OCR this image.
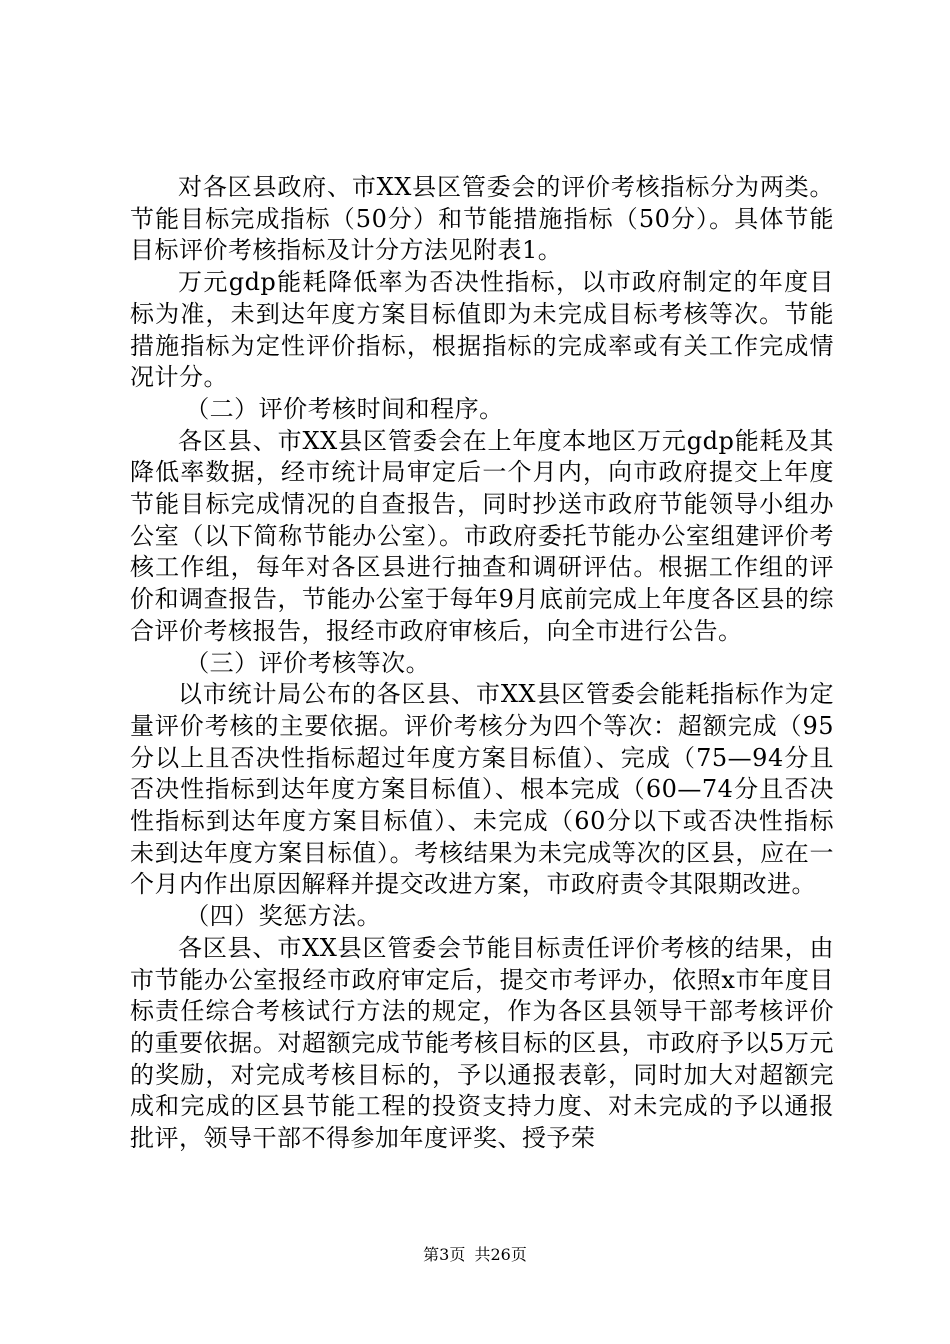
对各区县政府、市XX县区管委会的评价考核指标分为两类。节能目标完成指标（50分）和节能措施指标（50分）。具体节能目标评价考核指标及计分方法见附表1。

万元gdp能耗降低率为否决性指标，以市政府制定的年度目标为准，未到达年度方案目标值即为未完成目标考核等次。节能措施指标为定性评价指标，根据指标的完成率或有关工作完成情况计分。

（二）评价考核时间和程序。

各区县、市XX县区管委会在上年度本地区万元gdp能耗及其降低率数据，经市统计局审定后一个月内，向市政府提交上年度节能目标完成情况的自查报告，同时抄送市政府节能领导小组办公室（以下简称节能办公室）。市政府委托节能办公室组建评价考核工作组，每年对各区县进行抽查和调研评估。根据工作组的评价和调查报告，节能办公室于每年9月底前完成上年度各区县的综合评价考核报告，报经市政府审核后，向全市进行公告。

（三）评价考核等次。

以市统计局公布的各区县、市XX县区管委会能耗指标作为定量评价考核的主要依据。评价考核分为四个等次：超额完成（95分以上且否决性指标超过年度方案目标值）、完成（75—94分且否决性指标到达年度方案目标值）、根本完成（60—74分且否决性指标到达年度方案目标值）、未完成（60分以下或否决性指标未到达年度方案目标值）。考核结果为未完成等次的区县，应在一个月内作出原因解释并提交改进方案，市政府责令其限期改进。

（四）奖惩方法。

各区县、市XX县区管委会节能目标责任评价考核的结果，由市节能办公室报经市政府审定后，提交市考评办，依照x市年度目标责任综合考核试行方法的规定，作为各区县领导干部考核评价的重要依据。对超额完成节能考核目标的区县，市政府予以5万元的奖励，对完成考核目标的，予以通报表彰，同时加大对超额完成和完成的区县节能工程的投资支持力度、对未完成的予以通报批评，领导干部不得参加年度评奖、授予荣

第3页 共26页
